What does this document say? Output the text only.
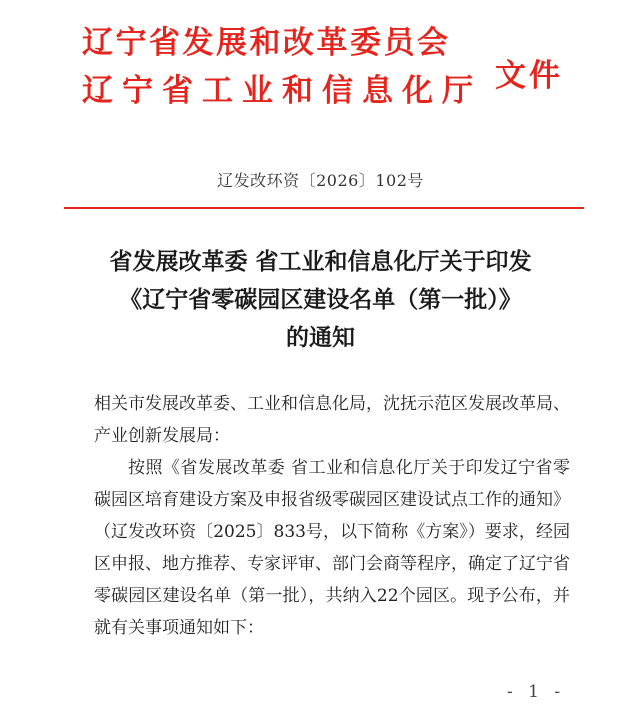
辽宁省发展和改革委员会
辽宁省工业和信息化厅 文件
辽发改环资〔2026〕102号
省发展改革委 省工业和信息化厅关于印发
《辽宁省零碳园区建设名单（第一批）》
的通知

相关市发展改革委、工业和信息化局，沈抚示范区发展改革局、产业创新发展局：

按照《省发展改革委 省工业和信息化厅关于印发辽宁省零碳园区培育建设方案及申报省级零碳园区建设试点工作的通知》（辽发改环资〔2025〕833号，以下简称《方案》）要求，经园区申报、地方推荐、专家评审、部门会商等程序，确定了辽宁省零碳园区建设名单（第一批），共纳入22个园区。现予公布，并就有关事项通知如下：

- 1 -
